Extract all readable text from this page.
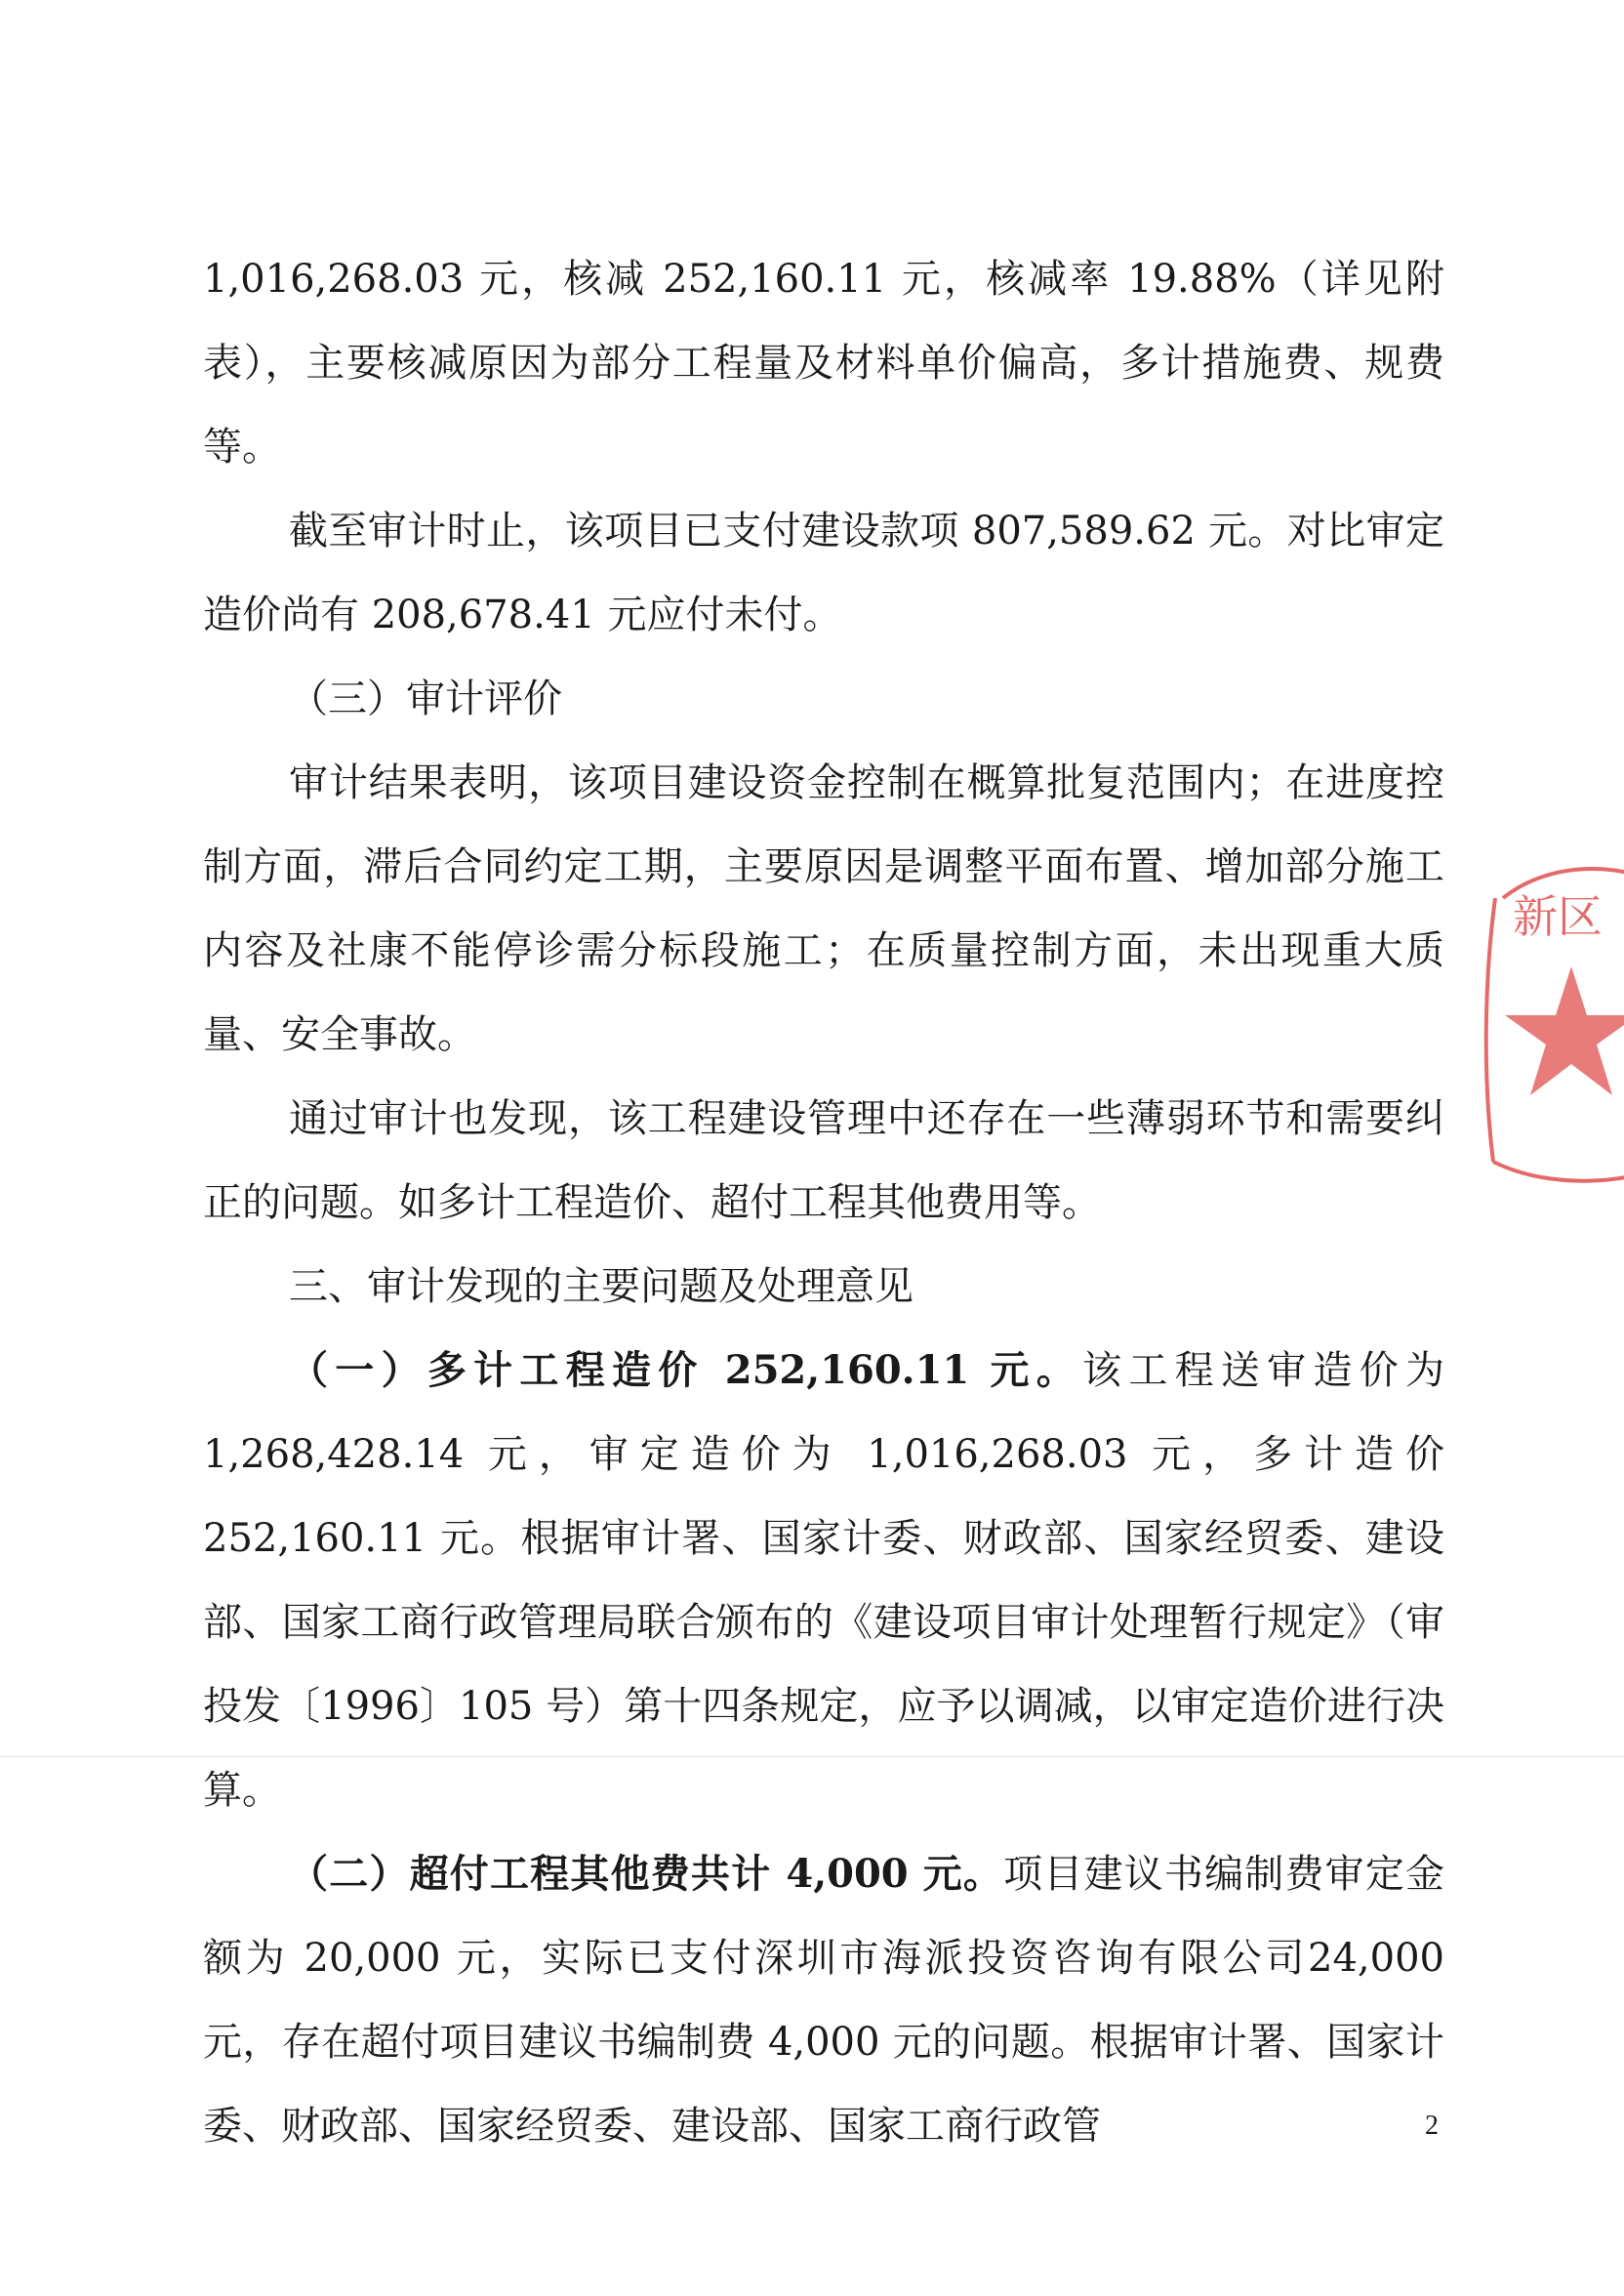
1,016,268.03 元，核减 252,160.11 元，核减率 19.88%（详见附表），主要核减原因为部分工程量及材料单价偏高，多计措施费、规费等。

截至审计时止，该项目已支付建设款项 807,589.62 元。对比审定造价尚有 208,678.41 元应付未付。

（三）审计评价

审计结果表明，该项目建设资金控制在概算批复范围内；在进度控制方面，滞后合同约定工期，主要原因是调整平面布置、增加部分施工内容及社康不能停诊需分标段施工；在质量控制方面，未出现重大质量、安全事故。

通过审计也发现，该工程建设管理中还存在一些薄弱环节和需要纠正的问题。如多计工程造价、超付工程其他费用等。

三、审计发现的主要问题及处理意见

（一）多计工程造价 252,160.11 元。该工程送审造价为1,268,428.14 元，审定造价为 1,016,268.03 元，多计造价 252,160.11 元。根据审计署、国家计委、财政部、国家经贸委、建设部、国家工商行政管理局联合颁布的《建设项目审计处理暂行规定》（审投发〔1996〕105 号）第十四条规定，应予以调减，以审定造价进行决算。

（二）超付工程其他费共计 4,000 元。项目建议书编制费审定金额为 20,000 元，实际已支付深圳市海派投资咨询有限公司24,000 元，存在超付项目建议书编制费 4,000 元的问题。根据审计署、国家计委、财政部、国家经贸委、建设部、国家工商行政管

新区
2
